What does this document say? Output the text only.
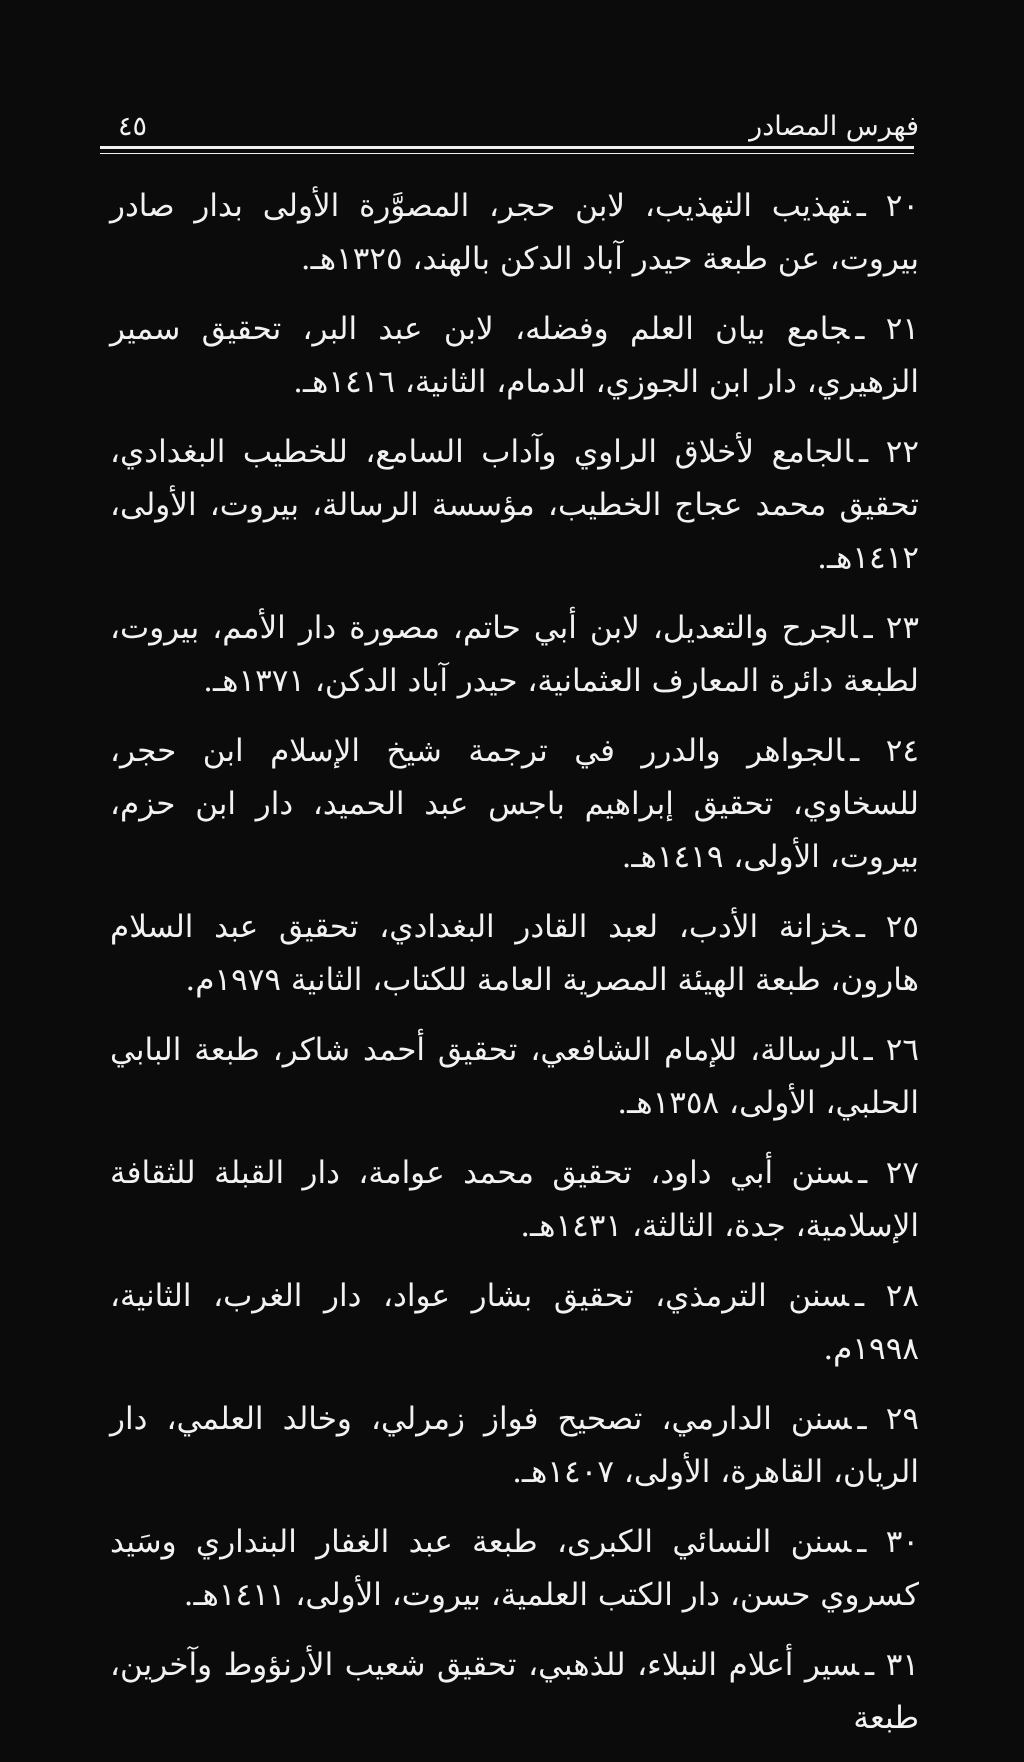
فهرس المصادر
٤٥

٢٠ ـتهذيب التهذيب، لابن حجر، المصوَّرة الأولى بدار صادر بيروت، عن طبعة حيدر آباد الدكن بالهند، ١٣٢٥هـ.

٢١ ـجامع بيان العلم وفضله، لابن عبد البر، تحقيق سمير الزهيري، دار ابن الجوزي، الدمام، الثانية، ١٤١٦هـ.

٢٢ ـالجامع لأخلاق الراوي وآداب السامع، للخطيب البغدادي، تحقيق محمد عجاج الخطيب، مؤسسة الرسالة، بيروت، الأولى، ١٤١٢هـ.

٢٣ ـالجرح والتعديل، لابن أبي حاتم، مصورة دار الأمم، بيروت، لطبعة دائرة المعارف العثمانية، حيدر آباد الدكن، ١٣٧١هـ.

٢٤ ـالجواهر والدرر في ترجمة شيخ الإسلام ابن حجر، للسخاوي، تحقيق إبراهيم باجس عبد الحميد، دار ابن حزم، بيروت، الأولى، ١٤١٩هـ.

٢٥ ـخزانة الأدب، لعبد القادر البغدادي، تحقيق عبد السلام هارون، طبعة الهيئة المصرية العامة للكتاب، الثانية ١٩٧٩م.

٢٦ ـالرسالة، للإمام الشافعي، تحقيق أحمد شاكر، طبعة البابي الحلبي، الأولى، ١٣٥٨هـ.

٢٧ ـسنن أبي داود، تحقيق محمد عوامة، دار القبلة للثقافة الإسلامية، جدة، الثالثة، ١٤٣١هـ.

٢٨ ـسنن الترمذي، تحقيق بشار عواد، دار الغرب، الثانية، ١٩٩٨م.

٢٩ ـسنن الدارمي، تصحيح فواز زمرلي، وخالد العلمي، دار الريان، القاهرة، الأولى، ١٤٠٧هـ.

٣٠ ـسنن النسائي الكبرى، طبعة عبد الغفار البنداري وسَيد كسروي حسن، دار الكتب العلمية، بيروت، الأولى، ١٤١١هـ.

٣١ ـسير أعلام النبلاء، للذهبي، تحقيق شعيب الأرنؤوط وآخرين، طبعة
